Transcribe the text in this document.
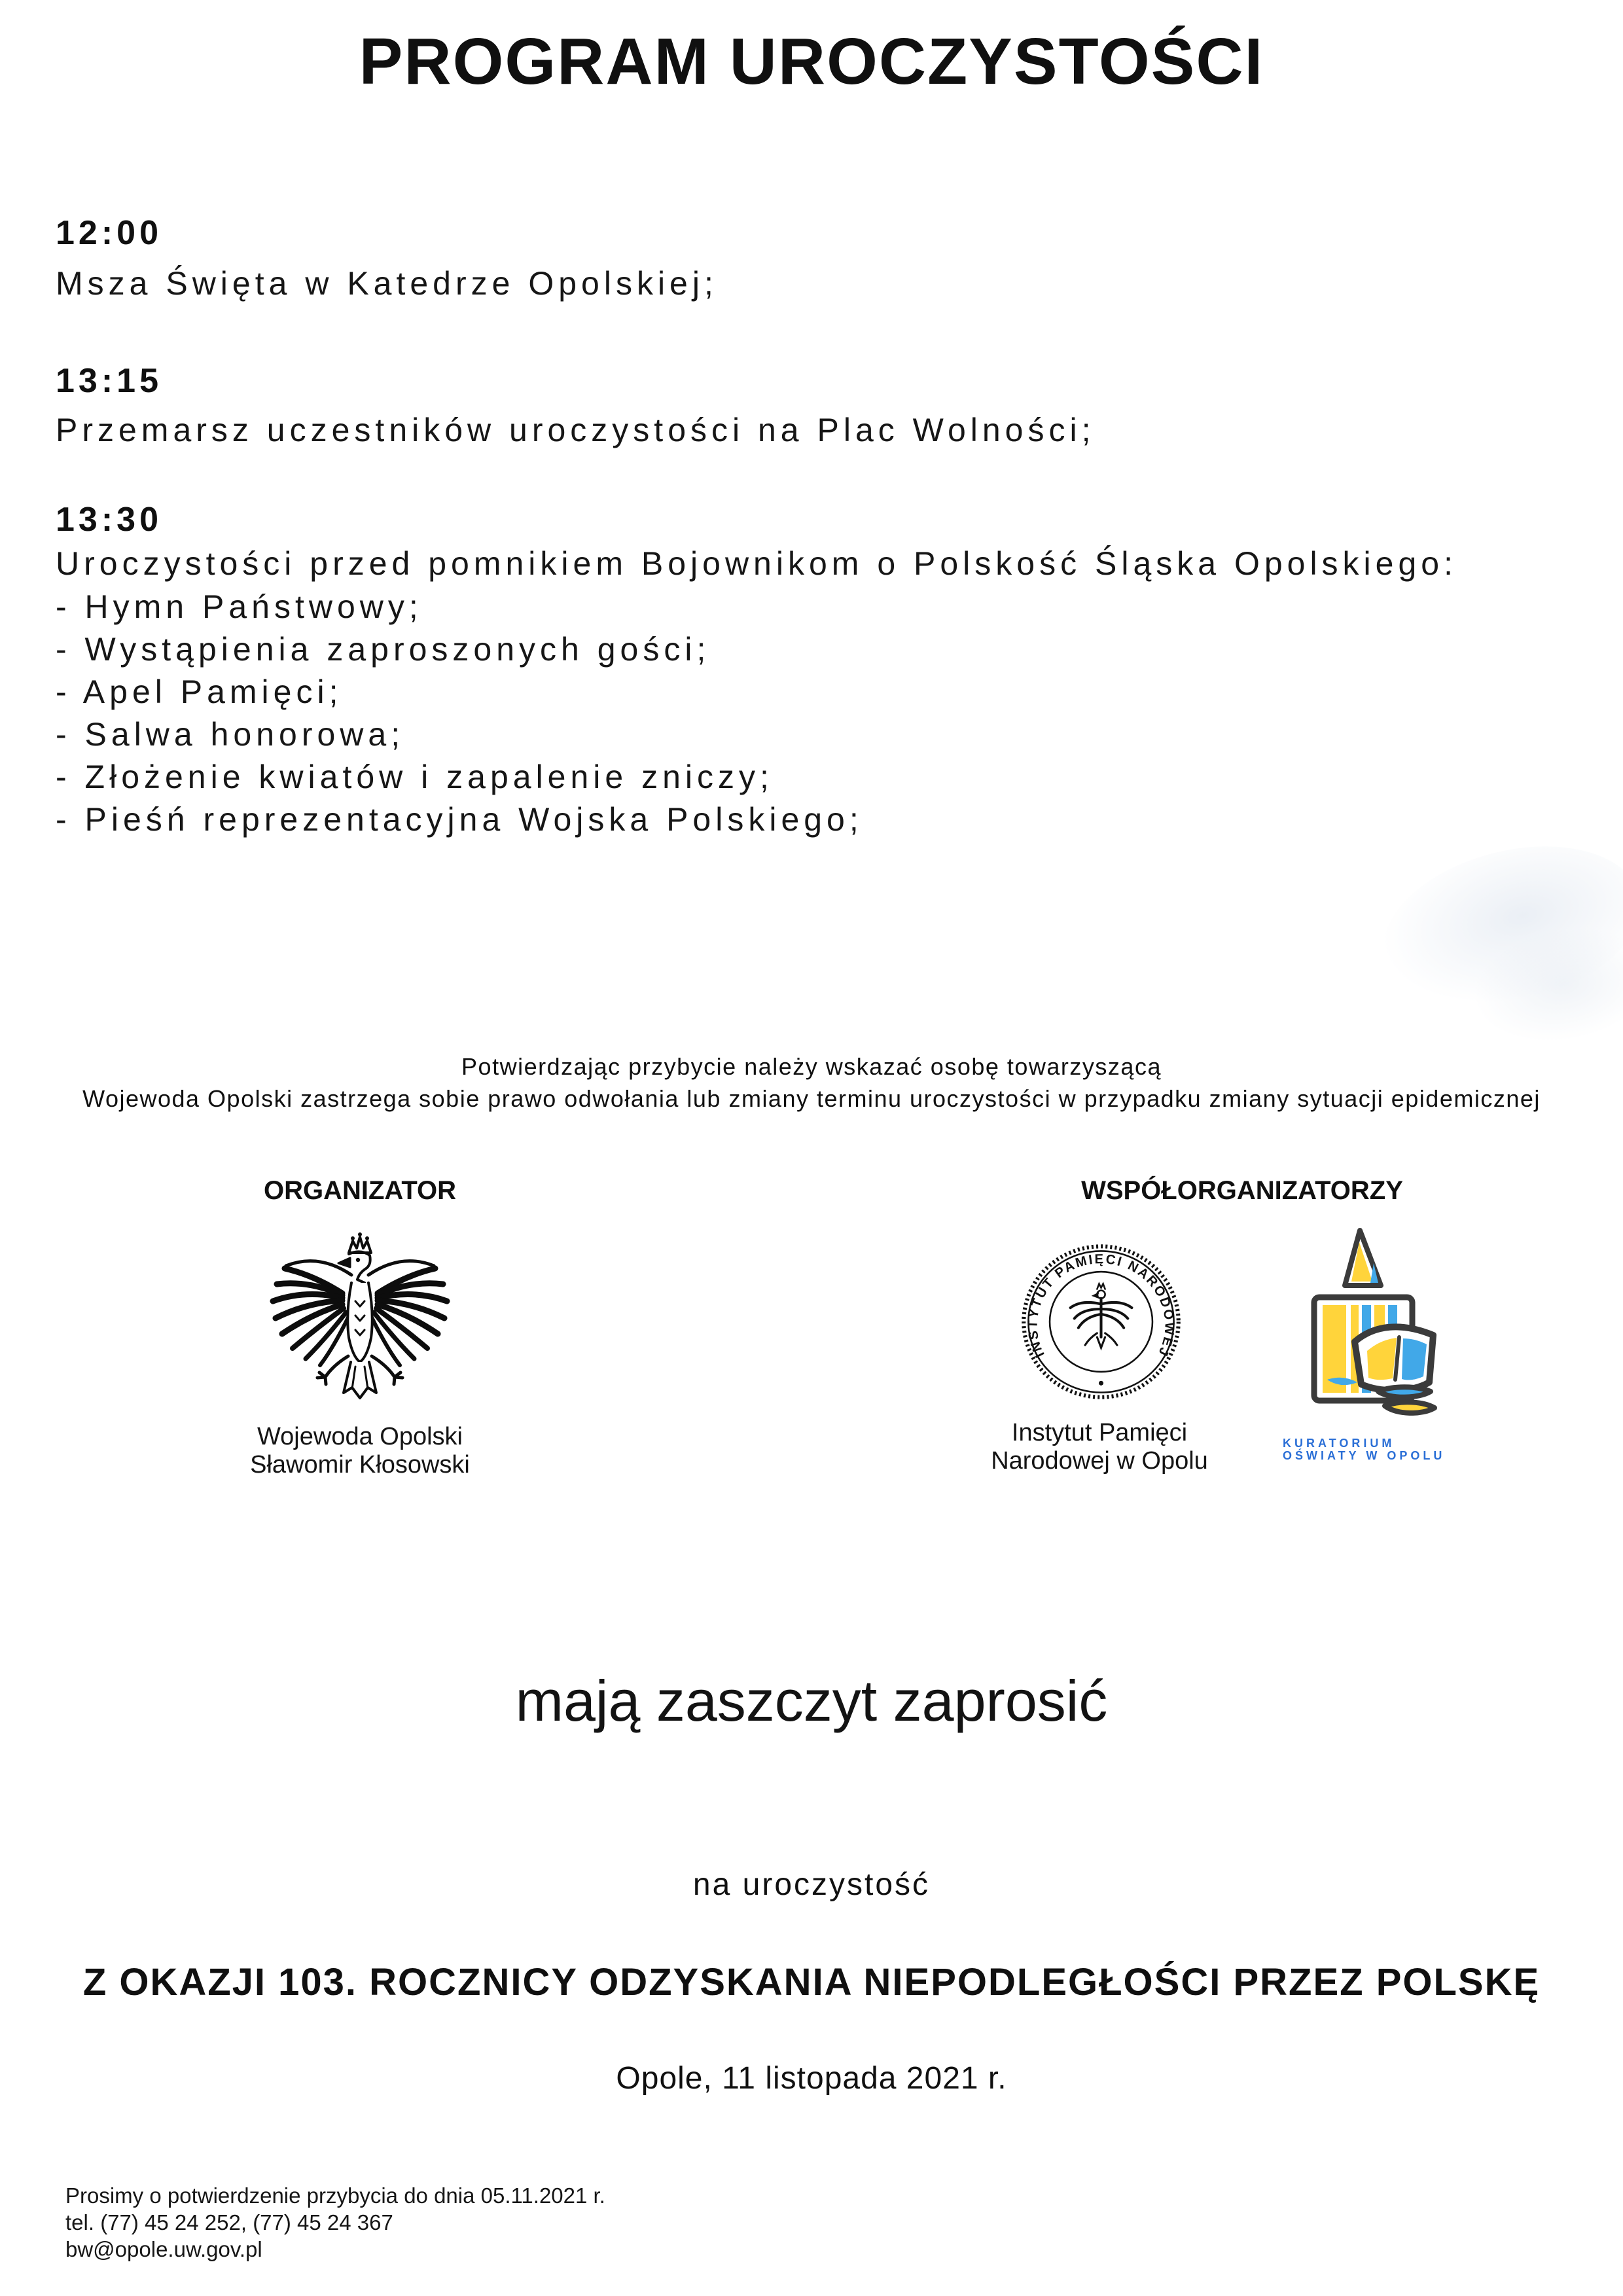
PROGRAM UROCZYSTOŚCI
12:00
Msza Święta w Katedrze Opolskiej;
13:15
Przemarsz uczestników uroczystości na Plac Wolności;
13:30
Uroczystości przed pomnikiem Bojownikom o Polskość Śląska Opolskiego:
- Hymn Państwowy;
- Wystąpienia zaproszonych gości;
- Apel Pamięci;
- Salwa honorowa;
- Złożenie kwiatów i zapalenie zniczy;
- Pieśń reprezentacyjna Wojska Polskiego;
Potwierdzając przybycie należy wskazać osobę towarzyszącą
Wojewoda Opolski zastrzega sobie prawo odwołania lub zmiany terminu uroczystości w przypadku zmiany sytuacji epidemicznej
ORGANIZATOR	WSPÓŁORGANIZATORZY
Wojewoda Opolski
Sławomir Kłosowski
INSTYTUT PAMIĘCI NARODOWEJ
Instytut Pamięci
Narodowej w Opolu
KURATORIUM
OŚWIATY W OPOLU
mają zaszczyt zaprosić
na uroczystość
Z OKAZJI 103. ROCZNICY ODZYSKANIA NIEPODLEGŁOŚCI PRZEZ POLSKĘ
Opole, 11 listopada 2021 r.
Prosimy o potwierdzenie przybycia do dnia 05.11.2021 r.
tel. (77) 45 24 252, (77) 45 24 367
bw@opole.uw.gov.pl
